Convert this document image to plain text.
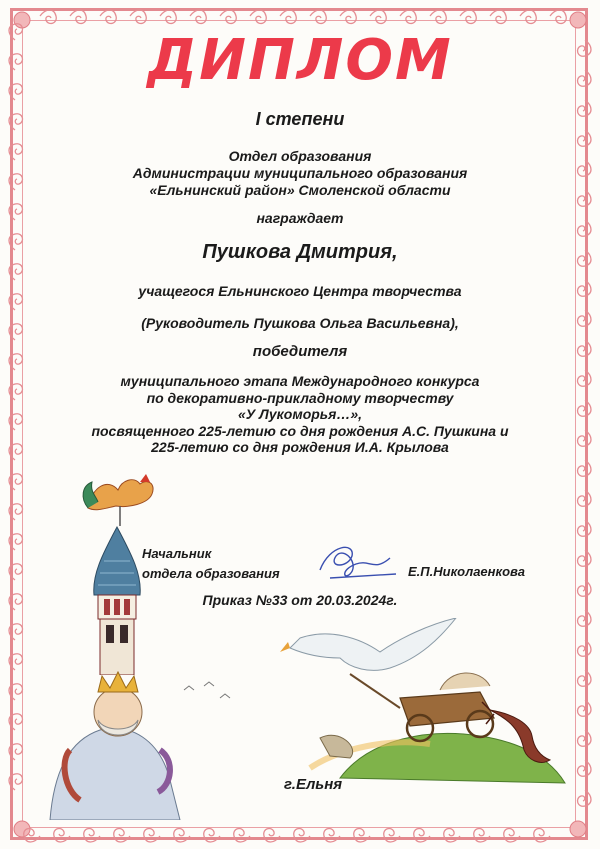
ДИПЛОМ
I степени
Отдел образования
Администрации муниципального образования
«Ельнинский район» Смоленской области
награждает
Пушкова Дмитрия,
учащегося Ельнинского Центра творчества
(Руководитель Пушкова Ольга Васильевна),
победителя
муниципального этапа Международного конкурса
по декоративно-прикладному творчеству
«У Лукоморья…»,
посвященного 225-летию со дня рождения А.С. Пушкина и
225-летию со дня рождения И.А. Крылова
Начальник
отдела образования	Е.П.Николаенкова
Приказ №33 от 20.03.2024г.
г.Ельня
